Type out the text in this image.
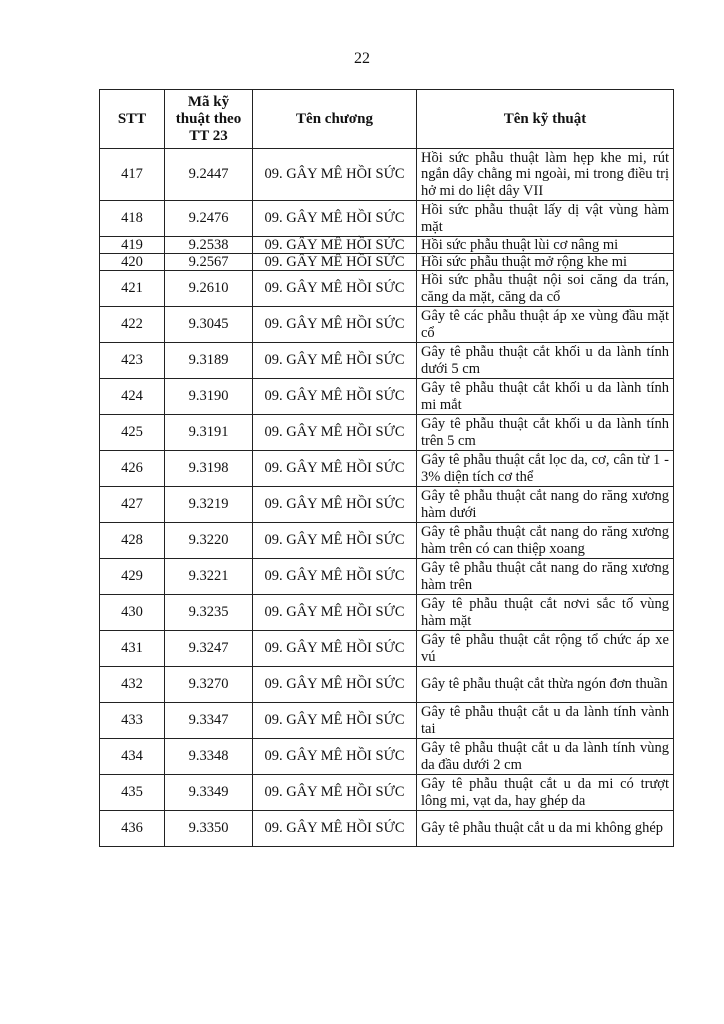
22
STT	Mã kỹ thuật theo TT 23	Tên chương	Tên kỹ thuật
417	9.2447	09. GÂY MÊ HỒI SỨC	Hồi sức phẫu thuật làm hẹp khe mi, rút ngắn dây chằng mi ngoài, mi trong điều trị hở mi do liệt dây VII
418	9.2476	09. GÂY MÊ HỒI SỨC	Hồi sức phẫu thuật lấy dị vật vùng hàm mặt
419	9.2538	09. GÂY MÊ HỒI SỨC	Hồi sức phẫu thuật lùi cơ nâng mi
420	9.2567	09. GÂY MÊ HỒI SỨC	Hồi sức phẫu thuật mở rộng khe mi
421	9.2610	09. GÂY MÊ HỒI SỨC	Hồi sức phẫu thuật nội soi căng da trán, căng da mặt, căng da cổ
422	9.3045	09. GÂY MÊ HỒI SỨC	Gây tê các phẫu thuật áp xe vùng đầu mặt cổ
423	9.3189	09. GÂY MÊ HỒI SỨC	Gây tê phẫu thuật cắt khối u da lành tính dưới 5 cm
424	9.3190	09. GÂY MÊ HỒI SỨC	Gây tê phẫu thuật cắt khối u da lành tính mi mắt
425	9.3191	09. GÂY MÊ HỒI SỨC	Gây tê phẫu thuật cắt khối u da lành tính trên 5 cm
426	9.3198	09. GÂY MÊ HỒI SỨC	Gây tê phẫu thuật cắt lọc da, cơ, cân từ 1 - 3% diện tích cơ thể
427	9.3219	09. GÂY MÊ HỒI SỨC	Gây tê phẫu thuật cắt nang do răng xương hàm dưới
428	9.3220	09. GÂY MÊ HỒI SỨC	Gây tê phẫu thuật cắt nang do răng xương hàm trên có can thiệp xoang
429	9.3221	09. GÂY MÊ HỒI SỨC	Gây tê phẫu thuật cắt nang do răng xương hàm trên
430	9.3235	09. GÂY MÊ HỒI SỨC	Gây tê phẫu thuật cắt nơvi sắc tố vùng hàm mặt
431	9.3247	09. GÂY MÊ HỒI SỨC	Gây tê phẫu thuật cắt rộng tổ chức áp xe vú
432	9.3270	09. GÂY MÊ HỒI SỨC	Gây tê phẫu thuật cắt thừa ngón đơn thuần
433	9.3347	09. GÂY MÊ HỒI SỨC	Gây tê phẫu thuật cắt u da lành tính vành tai
434	9.3348	09. GÂY MÊ HỒI SỨC	Gây tê phẫu thuật cắt u da lành tính vùng da đầu dưới 2 cm
435	9.3349	09. GÂY MÊ HỒI SỨC	Gây tê phẫu thuật cắt u da mi có trượt lông mi, vạt da, hay ghép da
436	9.3350	09. GÂY MÊ HỒI SỨC	Gây tê phẫu thuật cắt u da mi không ghép
